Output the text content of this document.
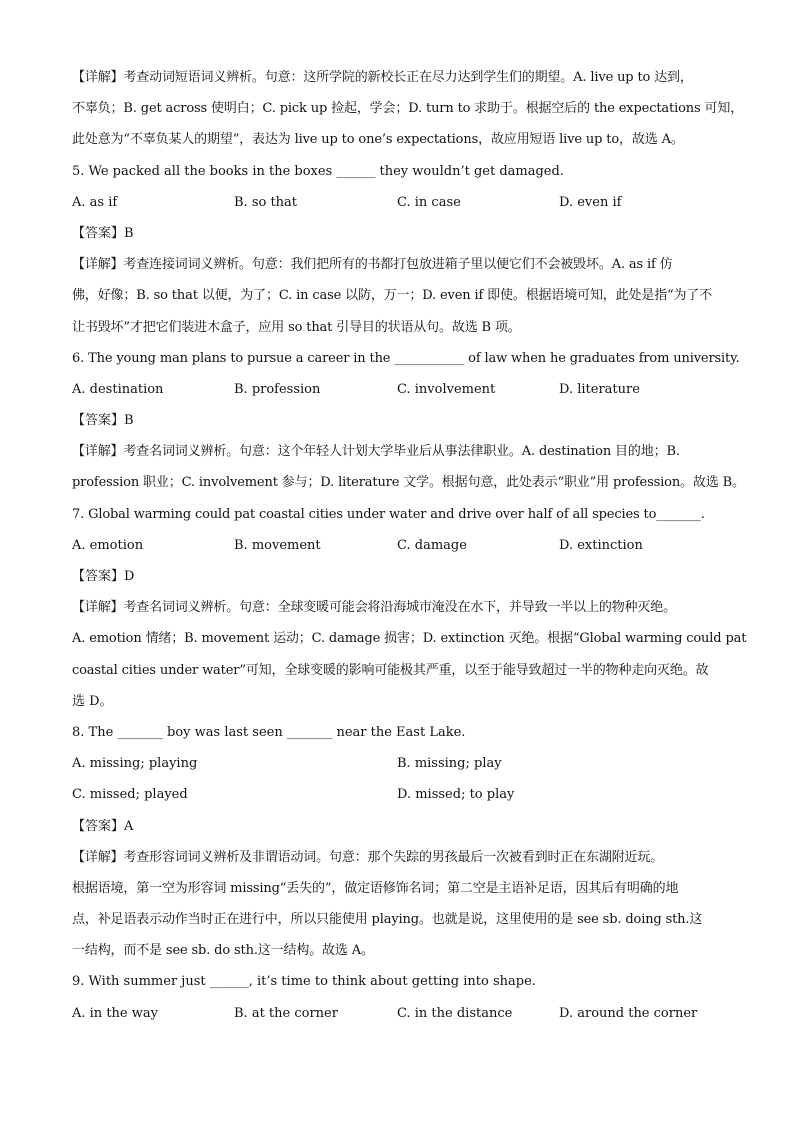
【详解】考查动词短语词义辨析。句意：这所学院的新校长正在尽力达到学生们的期望。A. live up to 达到，
不辜负；B. get across 使明白；C. pick up 捡起，学会；D. turn to 求助于。根据空后的 the expectations 可知，
此处意为“不辜负某人的期望”，表达为 live up to one’s expectations，故应用短语 live up to，故选 A。
5. We packed all the books in the boxes ______ they wouldn’t get damaged.
A. as if	B. so that	C. in case	D. even if
【答案】B
【详解】考查连接词词义辨析。句意：我们把所有的书都打包放进箱子里以便它们不会被毁坏。A. as if 仿
佛，好像；B. so that 以便，为了；C. in case 以防，万一；D. even if 即使。根据语境可知，此处是指“为了不
让书毁坏”才把它们装进木盒子，应用 so that 引导目的状语从句。故选 B 项。
6. The young man plans to pursue a career in the ___________ of law when he graduates from university.
A. destination	B. profession	C. involvement	D. literature
【答案】B
【详解】考查名词词义辨析。句意：这个年轻人计划大学毕业后从事法律职业。A. destination 目的地；B.
profession 职业；C. involvement 参与；D. literature 文学。根据句意，此处表示“职业”用 profession。故选 B。
7. Global warming could pat coastal cities under water and drive over half of all species to_______.
A. emotion	B. movement	C. damage	D. extinction
【答案】D
【详解】考查名词词义辨析。句意：全球变暖可能会将沿海城市淹没在水下，并导致一半以上的物种灭绝。
A. emotion 情绪；B. movement 运动；C. damage 损害；D. extinction 灭绝。根据“Global warming could pat
coastal cities under water”可知，全球变暖的影响可能极其严重，以至于能导致超过一半的物种走向灭绝。故
选 D。
8. The _______ boy was last seen _______ near the East Lake.
A. missing; playing	B. missing; play
C. missed; played	D. missed; to play
【答案】A
【详解】考查形容词词义辨析及非谓语动词。句意：那个失踪的男孩最后一次被看到时正在东湖附近玩。
根据语境，第一空为形容词 missing“丢失的”，做定语修饰名词；第二空是主语补足语，因其后有明确的地
点，补足语表示动作当时正在进行中，所以只能使用 playing。也就是说，这里使用的是 see sb. doing sth.这
一结构，而不是 see sb. do sth.这一结构。故选 A。
9. With summer just ______, it’s time to think about getting into shape.
A. in the way	B. at the corner	C. in the distance	D. around the corner
